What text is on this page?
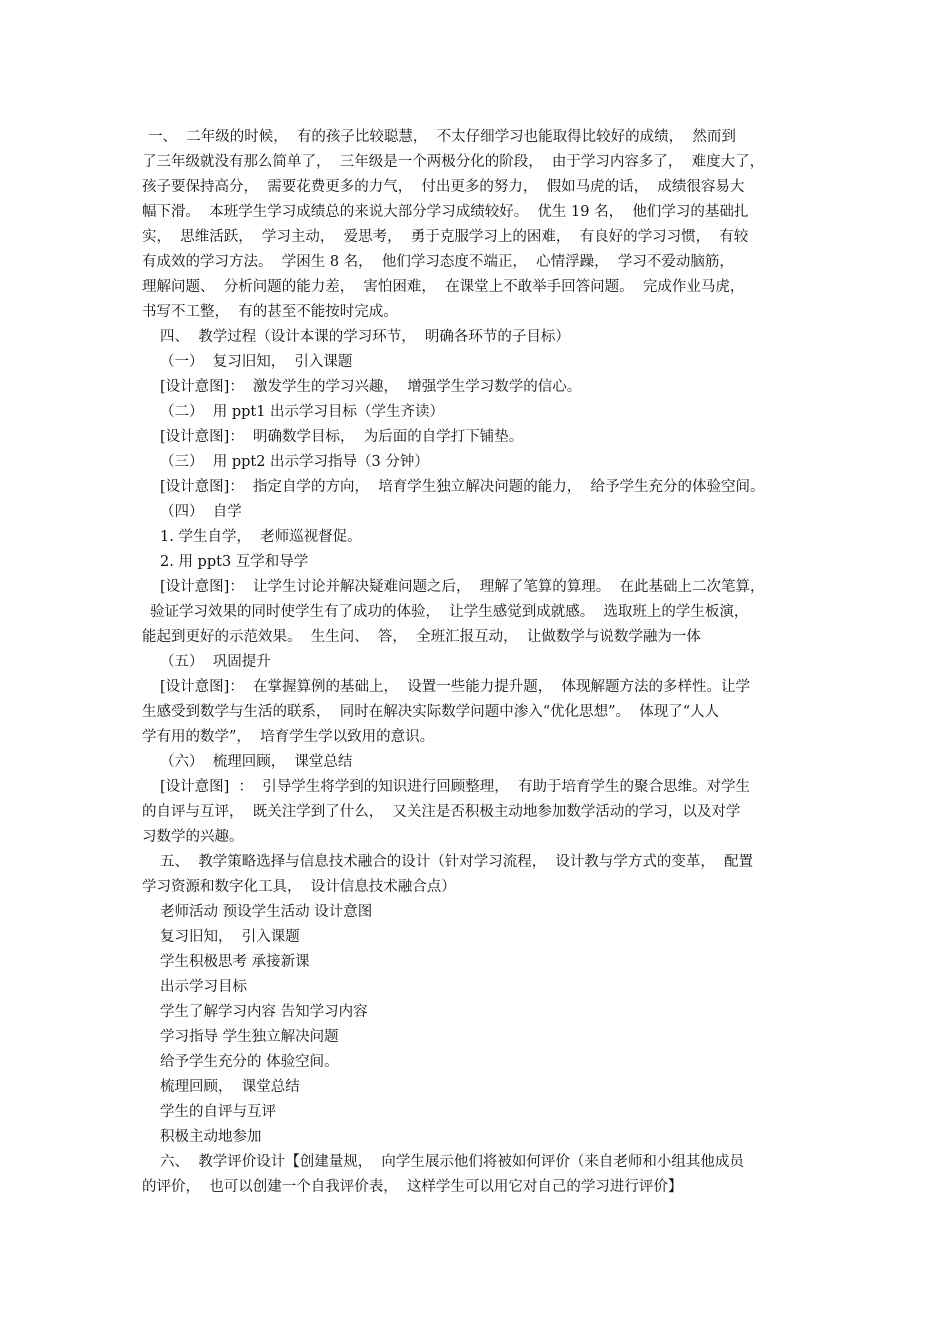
一、  二年级的时候，  有的孩子比较聪慧，  不太仔细学习也能取得比较好的成绩，  然而到
了三年级就没有那么简单了，  三年级是一个两极分化的阶段，  由于学习内容多了，  难度大了，
孩子要保持高分，  需要花费更多的力气，  付出更多的努力，  假如马虎的话，  成绩很容易大
幅下滑。  本班学生学习成绩总的来说大部分学习成绩较好。  优生 19 名，  他们学习的基础扎
实，  思维活跃，  学习主动，  爱思考，  勇于克服学习上的困难，  有良好的学习习惯，  有较
有成效的学习方法。  学困生 8 名，  他们学习态度不端正，  心情浮躁，  学习不爱动脑筋，
理解问题、  分析问题的能力差，  害怕困难，  在课堂上不敢举手回答问题。  完成作业马虎，
书写不工整，  有的甚至不能按时完成。
四、  教学过程（设计本课的学习环节，  明确各环节的子目标）
（一）  复习旧知，  引入课题
[设计意图]：  激发学生的学习兴趣，  增强学生学习数学的信心。
（二）  用 ppt1 出示学习目标（学生齐读）
[设计意图]：  明确数学目标，  为后面的自学打下铺垫。
（三）  用 ppt2 出示学习指导（3 分钟）
[设计意图]：  指定自学的方向，  培育学生独立解决问题的能力，  给予学生充分的体验空间。
（四）  自学
1. 学生自学，  老师巡视督促。
2. 用 ppt3 互学和导学
[设计意图]：  让学生讨论并解决疑难问题之后，  理解了笔算的算理。  在此基础上二次笔算，
验证学习效果的同时使学生有了成功的体验，  让学生感觉到成就感。  选取班上的学生板演，
能起到更好的示范效果。  生生问、  答，  全班汇报互动，  让做数学与说数学融为一体
（五）  巩固提升
[设计意图]：  在掌握算例的基础上，  设置一些能力提升题，  体现解题方法的多样性。让学
生感受到数学与生活的联系，  同时在解决实际数学问题中渗入“优化思想”。  体现了“人人
学有用的数学”，  培育学生学以致用的意识。
（六）  梳理回顾，  课堂总结
[设计意图]  ：  引导学生将学到的知识进行回顾整理，  有助于培育学生的聚合思维。对学生
的自评与互评，  既关注学到了什么，  又关注是否积极主动地参加数学活动的学习，以及对学
习数学的兴趣。
五、  教学策略选择与信息技术融合的设计（针对学习流程，  设计教与学方式的变革，  配置
学习资源和数字化工具，  设计信息技术融合点）
老师活动 预设学生活动 设计意图
复习旧知，  引入课题
学生积极思考 承接新课
出示学习目标
学生了解学习内容 告知学习内容
学习指导 学生独立解决问题
给予学生充分的 体验空间。
梳理回顾，  课堂总结
学生的自评与互评
积极主动地参加
六、  教学评价设计【创建量规，  向学生展示他们将被如何评价（来自老师和小组其他成员
的评价，  也可以创建一个自我评价表，  这样学生可以用它对自己的学习进行评价】
